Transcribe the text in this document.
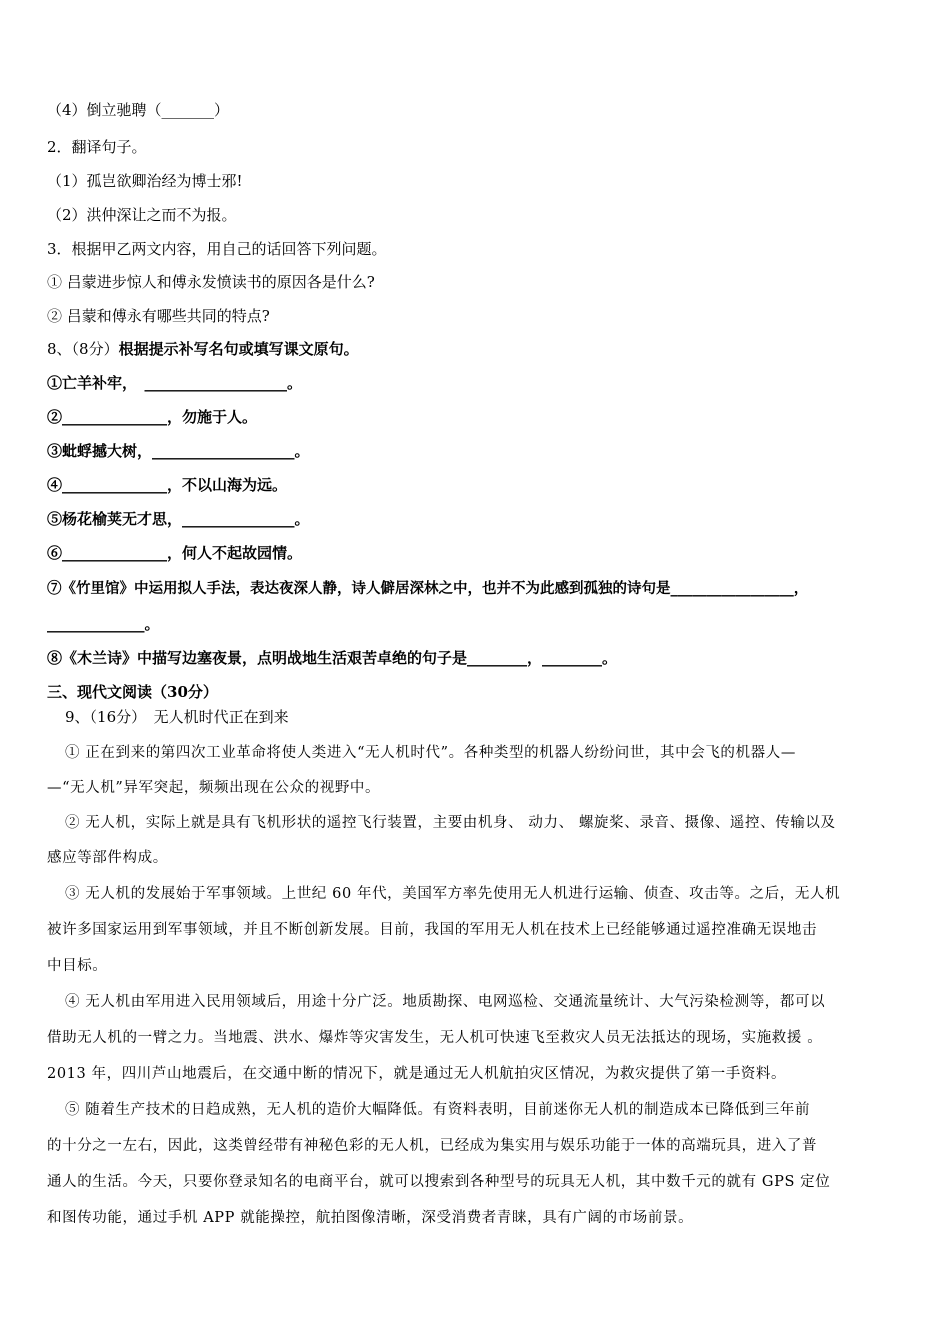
（4）倒立驰聘（_______）
2．翻译句子。
（1）孤岂欲卿治经为博士邪!
（2）洪仲深让之而不为报。
3．根据甲乙两文内容，用自己的话回答下列问题。
① 吕蒙进步惊人和傅永发愤读书的原因各是什么?
② 吕蒙和傅永有哪些共同的特点?
8、（8分）根据提示补写名句或填写课文原句。
①亡羊补牢，　___________________。
②______________，勿施于人。
③蚍蜉撼大树，___________________。
④______________，不以山海为远。
⑤杨花榆荚无才思，_______________。
⑥______________，何人不起故园情。
⑦《竹里馆》中运用拟人手法，表达夜深人静，诗人僻居深林之中，也并不为此感到孤独的诗句是_________________，
_____________。
⑧《木兰诗》中描写边塞夜景，点明战地生活艰苦卓绝的句子是________，________。
三、现代文阅读（30分）
9、（16分）　无人机时代正在到来
① 正在到来的第四次工业革命将使人类进入“无人机时代”。各种类型的机器人纷纷问世，其中会飞的机器人—
—“无人机”异军突起，频频出现在公众的视野中。
② 无人机，实际上就是具有飞机形状的遥控飞行装置，主要由机身、 动力、 螺旋桨、录音、摄像、遥控、传输以及
感应等部件构成。
③ 无人机的发展始于军事领域。上世纪 60 年代，美国军方率先使用无人机进行运输、侦查、攻击等。之后，无人机
被许多国家运用到军事领域，并且不断创新发展。目前，我国的军用无人机在技术上已经能够通过遥控准确无误地击
中目标。
④ 无人机由军用进入民用领域后，用途十分广泛。地质勘探、电网巡检、交通流量统计、大气污染检测等，都可以
借助无人机的一臂之力。当地震、洪水、爆炸等灾害发生，无人机可快速飞至救灾人员无法抵达的现场，实施救援 。
2013 年，四川芦山地震后，在交通中断的情况下，就是通过无人机航拍灾区情况，为救灾提供了第一手资料。
⑤ 随着生产技术的日趋成熟，无人机的造价大幅降低。有资料表明，目前迷你无人机的制造成本已降低到三年前
的十分之一左右，因此，这类曾经带有神秘色彩的无人机，已经成为集实用与娱乐功能于一体的高端玩具，进入了普
通人的生活。今天，只要你登录知名的电商平台，就可以搜索到各种型号的玩具无人机，其中数千元的就有 GPS 定位
和图传功能，通过手机 APP 就能操控，航拍图像清晰，深受消费者青睐，具有广阔的市场前景。
